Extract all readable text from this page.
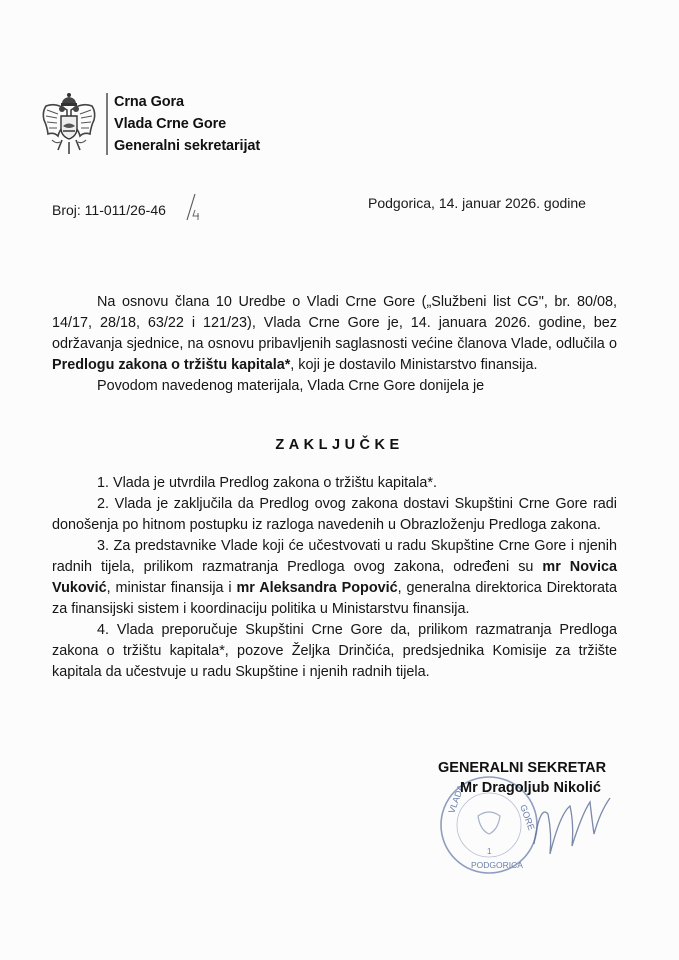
Crna Gora
Vlada Crne Gore
Generalni sekretarijat
Broj: 11-011/26-46	Podgorica, 14. januar 2026. godine

Na osnovu člana 10 Uredbe o Vladi Crne Gore („Službeni list CG", br. 80/08, 14/17, 28/18, 63/22 i 121/23), Vlada Crne Gore je, 14. januara 2026. godine, bez održavanja sjednice, na osnovu pribavljenih saglasnosti većine članova Vlade, odlučila o Predlogu zakona o tržištu kapitala*, koji je dostavilo Ministarstvo finansija.

Povodom navedenog materijala, Vlada Crne Gore donijela je

ZAKLJUČKE

1. Vlada je utvrdila Predlog zakona o tržištu kapitala*.

2. Vlada je zaključila da Predlog ovog zakona dostavi Skupštini Crne Gore radi donošenja po hitnom postupku iz razloga navedenih u Obrazloženju Predloga zakona.

3. Za predstavnike Vlade koji će učestvovati u radu Skupštine Crne Gore i njenih radnih tijela, prilikom razmatranja Predloga ovog zakona, određeni su mr Novica Vuković, ministar finansija i mr Aleksandra Popović, generalna direktorica Direktorata za finansijski sistem i koordinaciju politika u Ministarstvu finansija.

4. Vlada preporučuje Skupštini Crne Gore da, prilikom razmatranja Predloga zakona o tržištu kapitala*, pozove Željka Drinčića, predsjednika Komisije za tržište kapitala da učestvuje u radu Skupštine i njenih radnih tijela.

VLADA
GORE
PODGORICA
1
GENERALNI SEKRETAR
Mr Dragoljub Nikolić
